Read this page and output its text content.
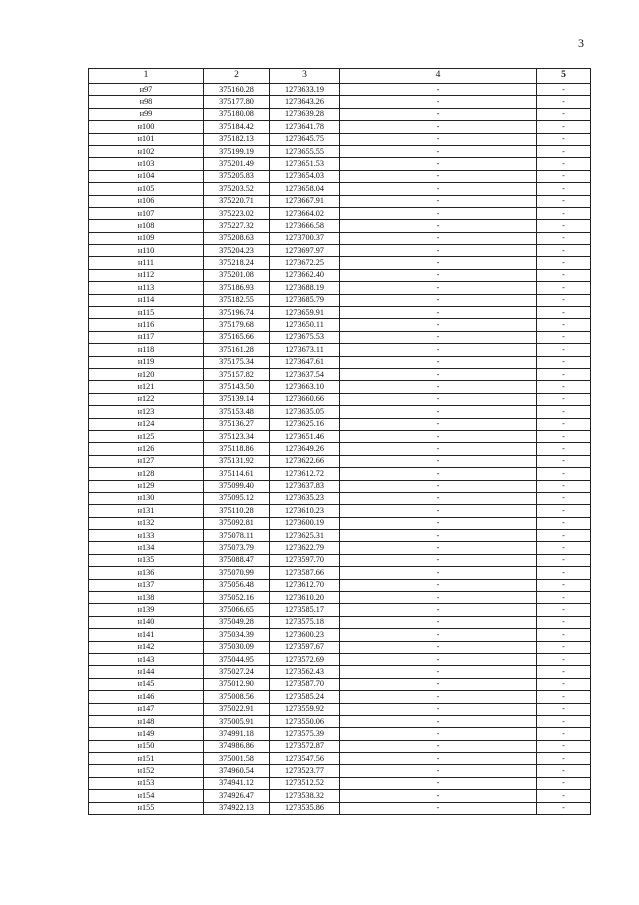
3
1	2	3	4	5
н97	375160.28	1273633.19	-	-
н98	375177.80	1273643.26	-	-
н99	375180.08	1273639.28	-	-
н100	375184.42	1273641.78	-	-
н101	375182.13	1273645.75	-	-
н102	375199.19	1273655.55	-	-
н103	375201.49	1273651.53	-	-
н104	375205.83	1273654.03	-	-
н105	375203.52	1273658.04	-	-
н106	375220.71	1273667.91	-	-
н107	375223.02	1273664.02	-	-
н108	375227.32	1273666.58	-	-
н109	375208.63	1273700.37	-	-
н110	375204.23	1273697.97	-	-
н111	375218.24	1273672.25	-	-
н112	375201.08	1273662.40	-	-
н113	375186.93	1273688.19	-	-
н114	375182.55	1273685.79	-	-
н115	375196.74	1273659.91	-	-
н116	375179.68	1273650.11	-	-
н117	375165.66	1273675.53	-	-
н118	375161.28	1273673.11	-	-
н119	375175.34	1273647.61	-	-
н120	375157.82	1273637.54	-	-
н121	375143.50	1273663.10	-	-
н122	375139.14	1273660.66	-	-
н123	375153.48	1273635.05	-	-
н124	375136.27	1273625.16	-	-
н125	375123.34	1273651.46	-	-
н126	375118.86	1273649.26	-	-
н127	375131.92	1273622.66	-	-
н128	375114.61	1273612.72	-	-
н129	375099.40	1273637.83	-	-
н130	375095.12	1273635.23	-	-
н131	375110.28	1273610.23	-	-
н132	375092.81	1273600.19	-	-
н133	375078.11	1273625.31	-	-
н134	375073.79	1273622.79	-	-
н135	375088.47	1273597.70	-	-
н136	375070.99	1273587.66	-	-
н137	375056.48	1273612.70	-	-
н138	375052.16	1273610.20	-	-
н139	375066.65	1273585.17	-	-
н140	375049.28	1273575.18	-	-
н141	375034.39	1273600.23	-	-
н142	375030.09	1273597.67	-	-
н143	375044.95	1273572.69	-	-
н144	375027.24	1273562.43	-	-
н145	375012.90	1273587.70	-	-
н146	375008.56	1273585.24	-	-
н147	375022.91	1273559.92	-	-
н148	375005.91	1273550.06	-	-
н149	374991.18	1273575.39	-	-
н150	374986.86	1273572.87	-	-
н151	375001.58	1273547.56	-	-
н152	374960.54	1273523.77	-	-
н153	374941.12	1273512.52	-	-
н154	374926.47	1273538.32	-	-
н155	374922.13	1273535.86	-	-
